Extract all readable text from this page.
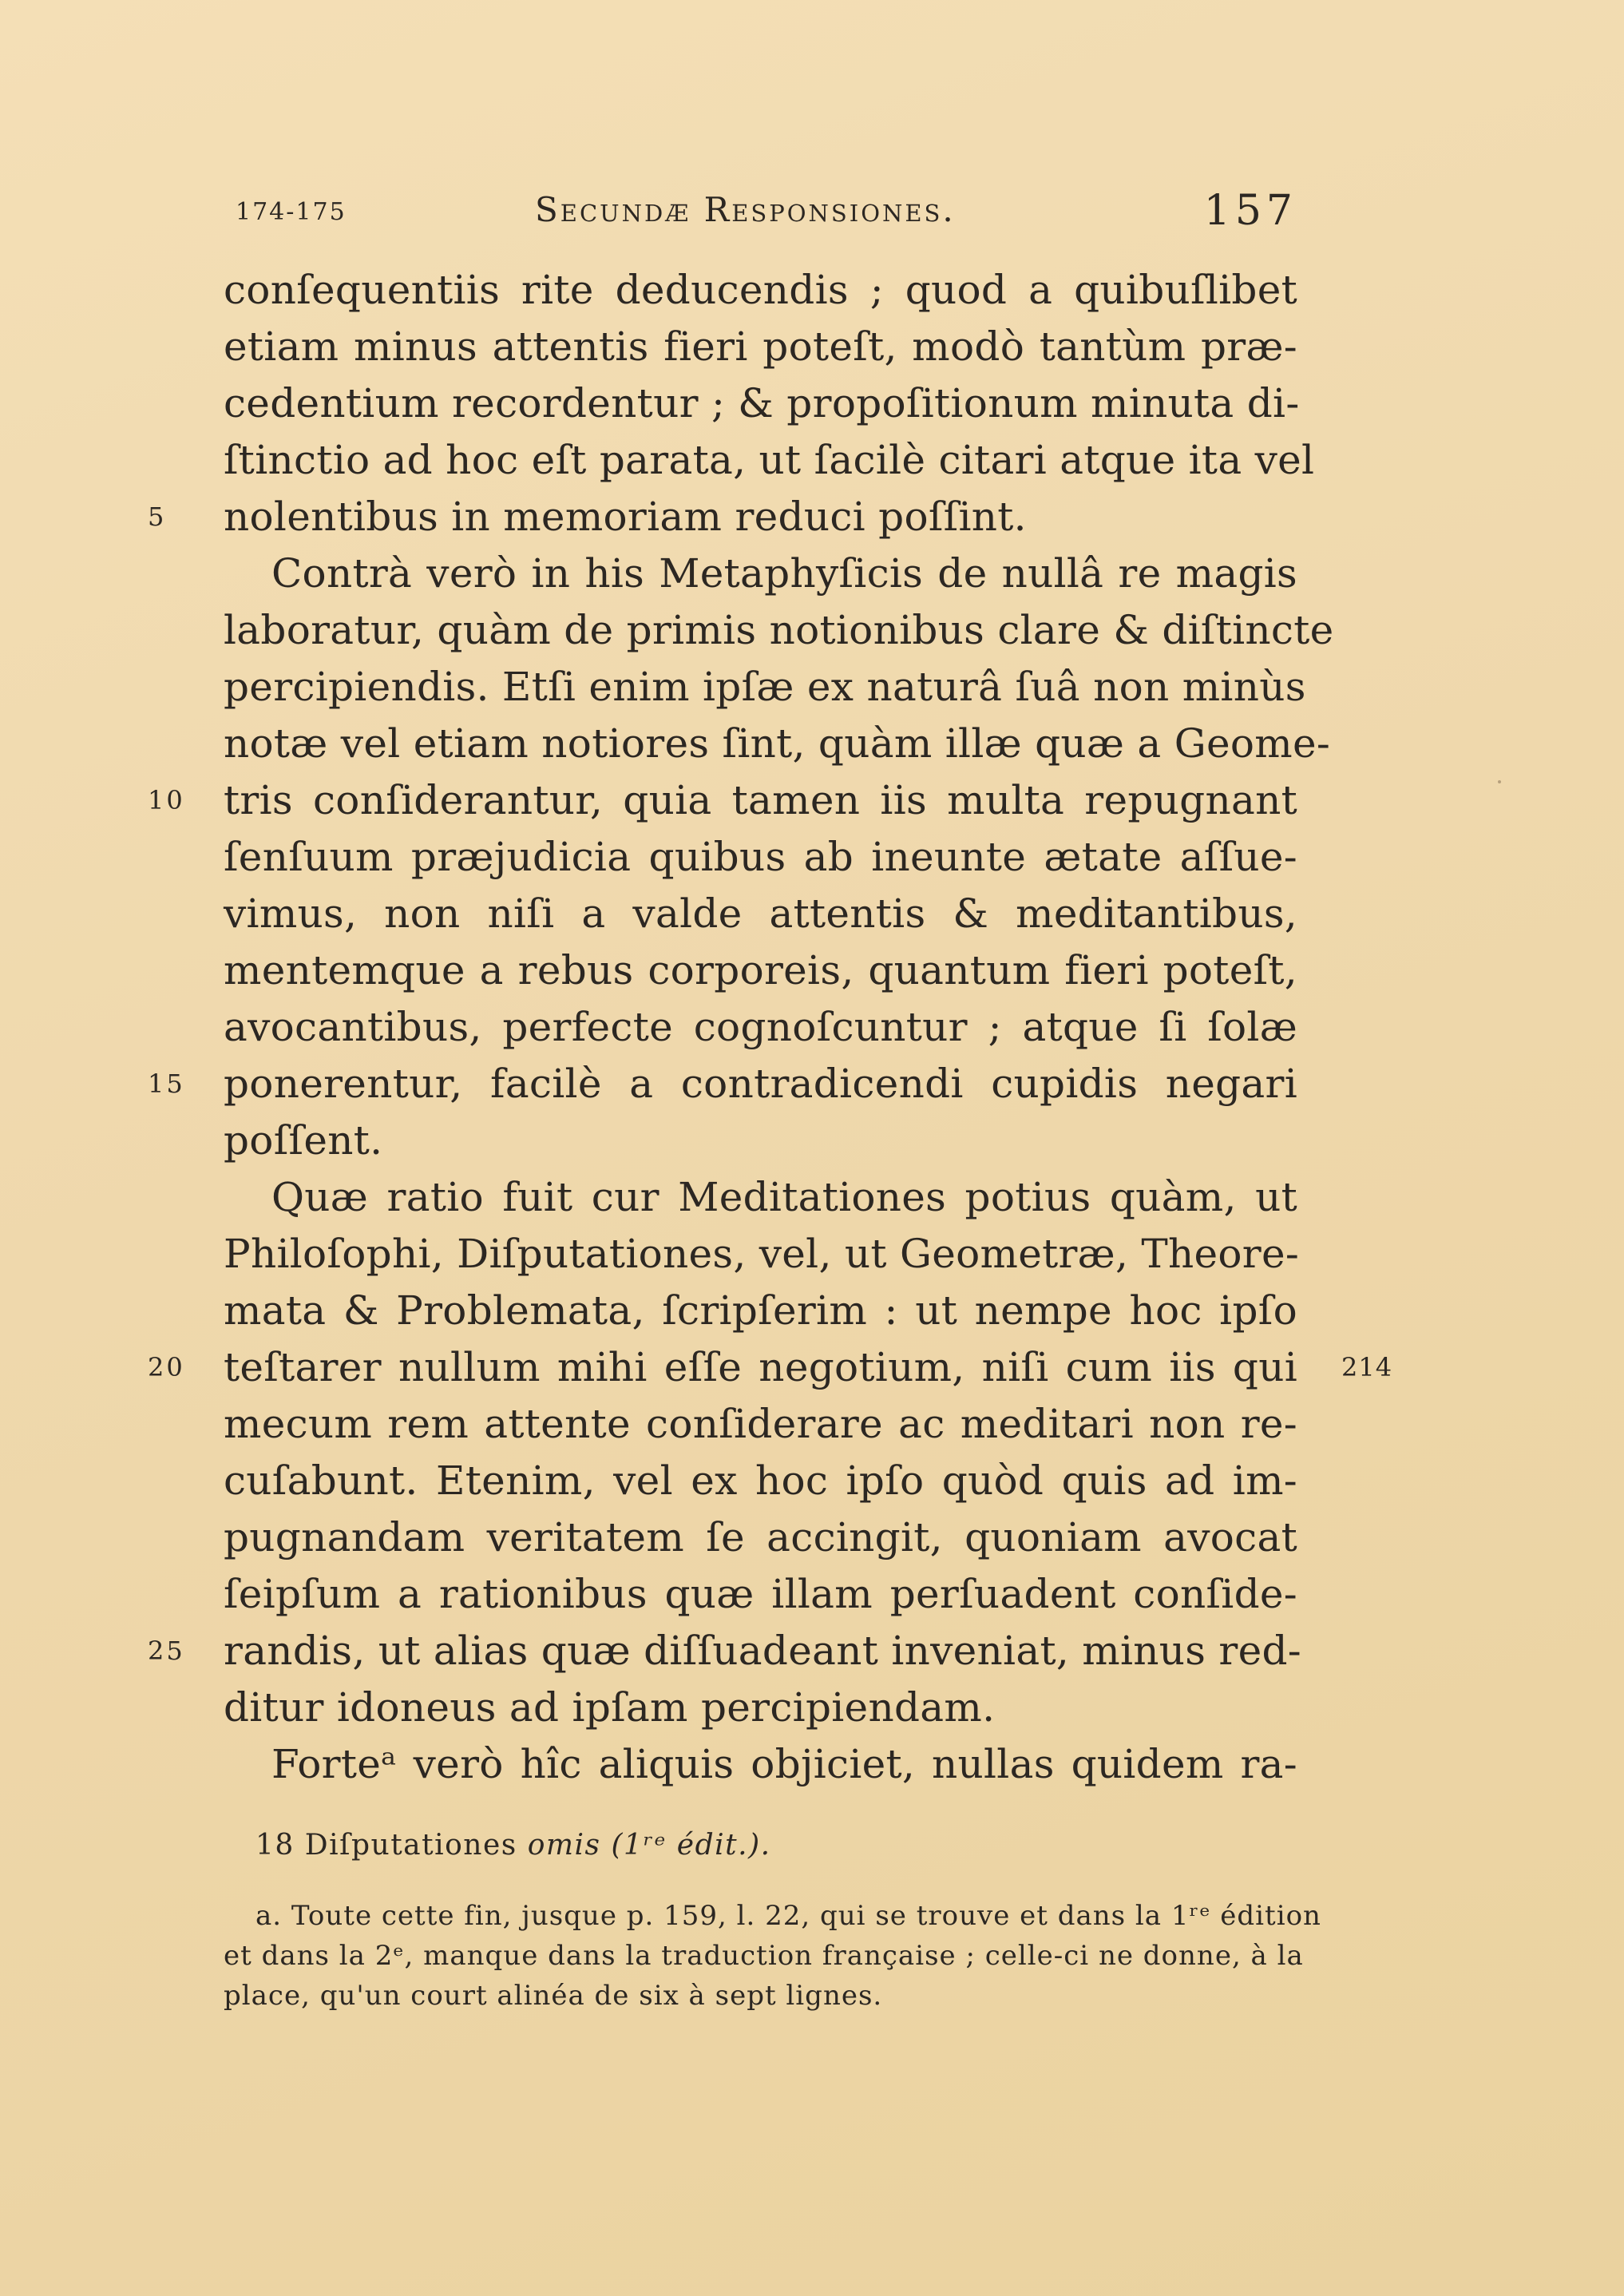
174-175	Secundæ Responsiones.	157
conſequentiis rite deducendis ; quod a quibuſlibet
etiam minus attentis fieri poteſt, modò tantùm præ-
cedentium recordentur ; & propoſitionum minuta di-
ſtinctio ad hoc eſt parata, ut ſacilè citari atque ita vel
5	nolentibus in memoriam reduci poſſint.
Contrà verò in his Metaphyſicis de nullâ re magis
laboratur, quàm de primis notionibus clare & diſtincte
percipiendis. Etſi enim ipſæ ex naturâ ſuâ non minùs
notæ vel etiam notiores ſint, quàm illæ quæ a Geome-
10 tris conſiderantur, quia tamen iis multa repugnant
ſenſuum præjudicia quibus ab ineunte ætate aſſue-
vimus, non niſi a valde attentis & meditantibus,
mentemque a rebus corporeis, quantum fieri poteſt,
avocantibus, perfecte cognoſcuntur ; atque ſi ſolæ
15 ponerentur, facilè a contradicendi cupidis negari
poſſent.
Quæ ratio fuit cur Meditationes potius quàm, ut
Philoſophi, Diſputationes, vel, ut Geometræ, Theore-
mata & Problemata, ſcripſerim : ut nempe hoc ipſo
20 teſtarer nullum mihi eſſe negotium, niſi cum iis qui 214
mecum rem attente conſiderare ac meditari non re-
cuſabunt. Etenim, vel ex hoc ipſo quòd quis ad im-
pugnandam veritatem ſe accingit, quoniam avocat
ſeipſum a rationibus quæ illam perſuadent conſide-
25 randis, ut alias quæ diſſuadeant inveniat, minus red-
ditur idoneus ad ipſam percipiendam.
Forteᵃ verò hîc aliquis objiciet, nullas quidem ra-
18 Diſputationes omis (1ʳᵉ édit.).
a. Toute cette fin, jusque p. 159, l. 22, qui se trouve et dans la 1ʳᵉ édition
et dans la 2ᵉ, manque dans la traduction française ; celle-ci ne donne, à la
place, qu'un court alinéa de six à sept lignes.
